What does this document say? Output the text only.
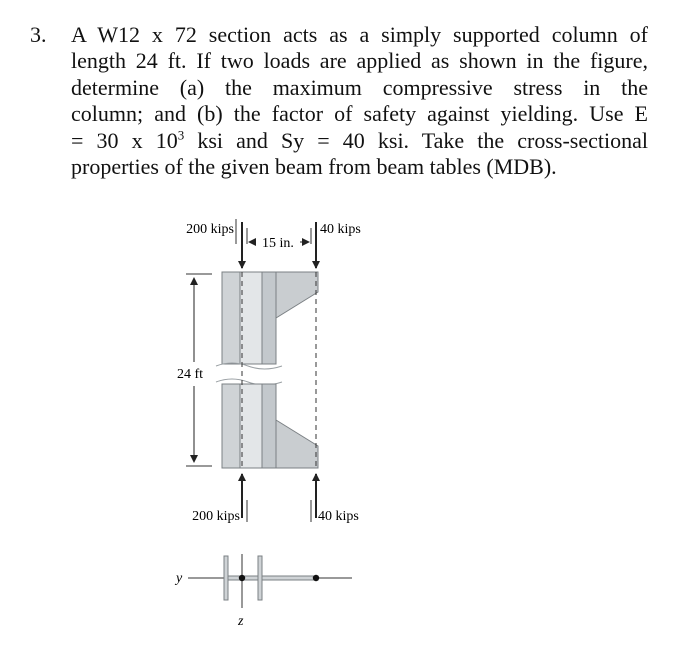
3. A W12 x 72 section acts as a simply supported column of
length 24 ft. If two loads are applied as shown in the figure,
determine (a) the maximum compressive stress in the
column; and (b) the factor of safety against yielding. Use E
= 30 x $10^3$ ksi and Sy = 40 ksi. Take the cross-sectional
properties of the given beam from beam tables (MDB).
200 kips	40 kips
15 in.
24 ft
200 kips	40 kips
y
z
